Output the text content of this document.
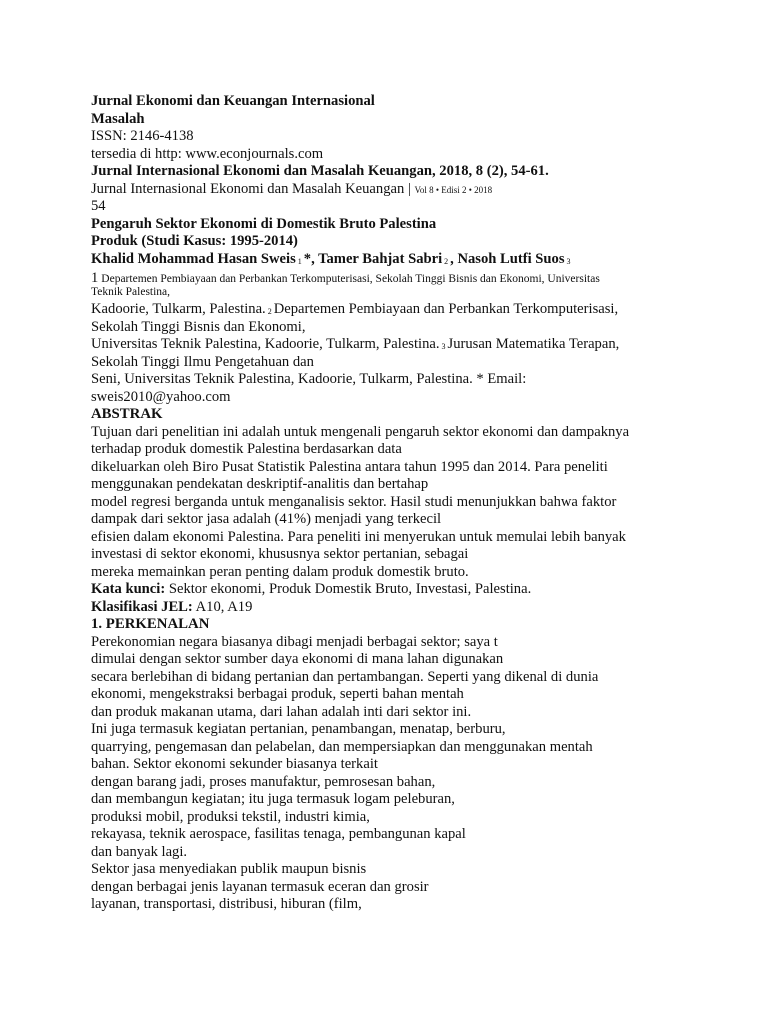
Jurnal Ekonomi dan Keuangan Internasional
Masalah
ISSN: 2146-4138
tersedia di http: www.econjournals.com
Jurnal Internasional Ekonomi dan Masalah Keuangan, 2018, 8 (2), 54-61.
Jurnal Internasional Ekonomi dan Masalah Keuangan | Vol 8 • Edisi 2 • 2018
54
Pengaruh Sektor Ekonomi di Domestik Bruto Palestina
Produk (Studi Kasus: 1995-2014)
Khalid Mohammad Hasan Sweis 1 *, Tamer Bahjat Sabri 2 , Nasoh Lutfi Suos 3
1 Departemen Pembiayaan dan Perbankan Terkomputerisasi, Sekolah Tinggi Bisnis dan Ekonomi, Universitas
Teknik Palestina,
Kadoorie, Tulkarm, Palestina. 2 Departemen Pembiayaan dan Perbankan Terkomputerisasi,
Sekolah Tinggi Bisnis dan Ekonomi,
Universitas Teknik Palestina, Kadoorie, Tulkarm, Palestina. 3 Jurusan Matematika Terapan,
Sekolah Tinggi Ilmu Pengetahuan dan
Seni, Universitas Teknik Palestina, Kadoorie, Tulkarm, Palestina. * Email:
sweis2010@yahoo.com
ABSTRAK
Tujuan dari penelitian ini adalah untuk mengenali pengaruh sektor ekonomi dan dampaknya
terhadap produk domestik Palestina berdasarkan data
dikeluarkan oleh Biro Pusat Statistik Palestina antara tahun 1995 dan 2014. Para peneliti
menggunakan pendekatan deskriptif-analitis dan bertahap
model regresi berganda untuk menganalisis sektor. Hasil studi menunjukkan bahwa faktor
dampak dari sektor jasa adalah (41%) menjadi yang terkecil
efisien dalam ekonomi Palestina. Para peneliti ini menyerukan untuk memulai lebih banyak
investasi di sektor ekonomi, khususnya sektor pertanian, sebagai
mereka memainkan peran penting dalam produk domestik bruto.
Kata kunci: Sektor ekonomi, Produk Domestik Bruto, Investasi, Palestina.
Klasifikasi JEL: A10, A19
1. PERKENALAN
Perekonomian negara biasanya dibagi menjadi berbagai sektor; saya t
dimulai dengan sektor sumber daya ekonomi di mana lahan digunakan
secara berlebihan di bidang pertanian dan pertambangan. Seperti yang dikenal di dunia
ekonomi, mengekstraksi berbagai produk, seperti bahan mentah
dan produk makanan utama, dari lahan adalah inti dari sektor ini.
Ini juga termasuk kegiatan pertanian, penambangan, menatap, berburu,
quarrying, pengemasan dan pelabelan, dan mempersiapkan dan menggunakan mentah
bahan. Sektor ekonomi sekunder biasanya terkait
dengan barang jadi, proses manufaktur, pemrosesan bahan,
dan membangun kegiatan; itu juga termasuk logam peleburan,
produksi mobil, produksi tekstil, industri kimia,
rekayasa, teknik aerospace, fasilitas tenaga, pembangunan kapal
dan banyak lagi.
Sektor jasa menyediakan publik maupun bisnis
dengan berbagai jenis layanan termasuk eceran dan grosir
layanan, transportasi, distribusi, hiburan (film,
